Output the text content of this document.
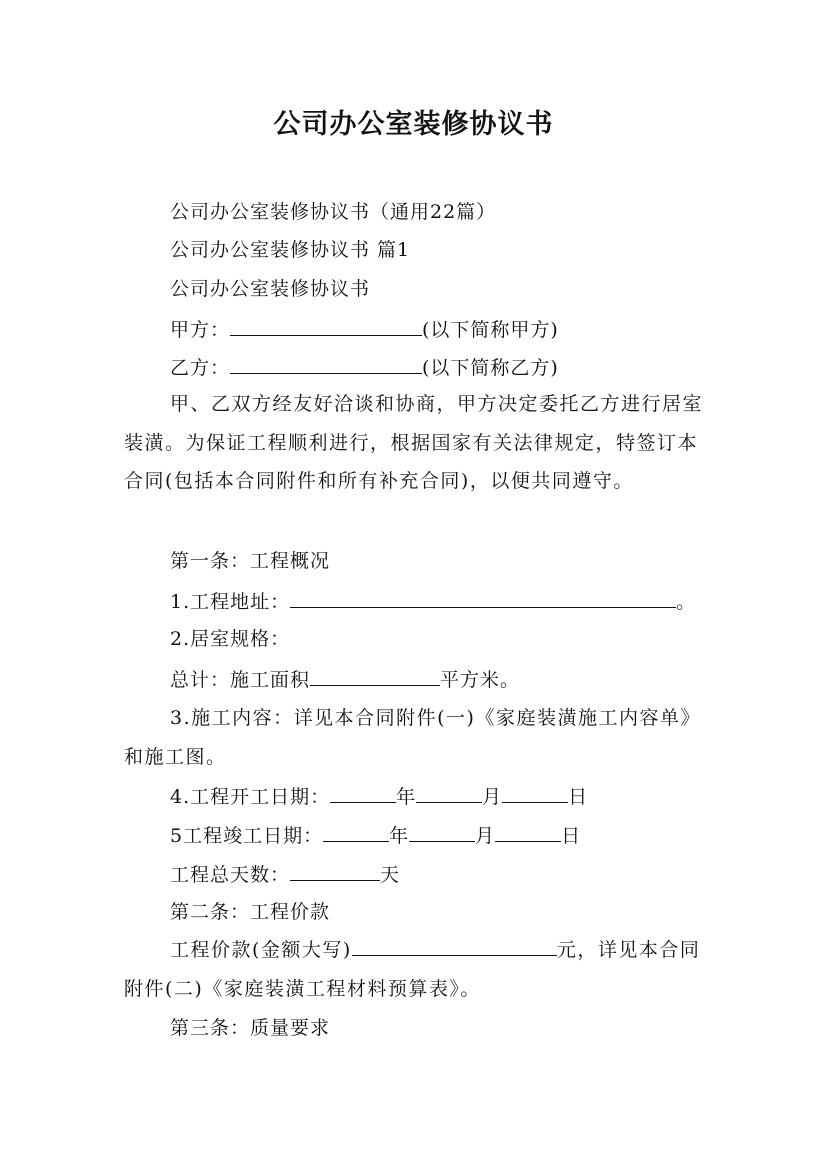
公司办公室装修协议书
公司办公室装修协议书（通用22篇）
公司办公室装修协议书 篇1
公司办公室装修协议书
甲方：	(以下简称甲方)
乙方：	(以下简称乙方)
甲、乙双方经友好洽谈和协商，甲方决定委托乙方进行居室装潢。为保证工程顺利进行，根据国家有关法律规定，特签订本合同(包括本合同附件和所有补充合同)，以便共同遵守。
第一条：工程概况
1.工程地址：	。
2.居室规格：
总计：施工面积	平方米。
3.施工内容：详见本合同附件(一)《家庭装潢施工内容单》和施工图。
4.工程开工日期：	年	月	日
5工程竣工日期：	年	月	日
工程总天数：	天
第二条：工程价款
工程价款(金额大写)	元，详见本合同附件(二)《家庭装潢工程材料预算表》。
第三条：质量要求
